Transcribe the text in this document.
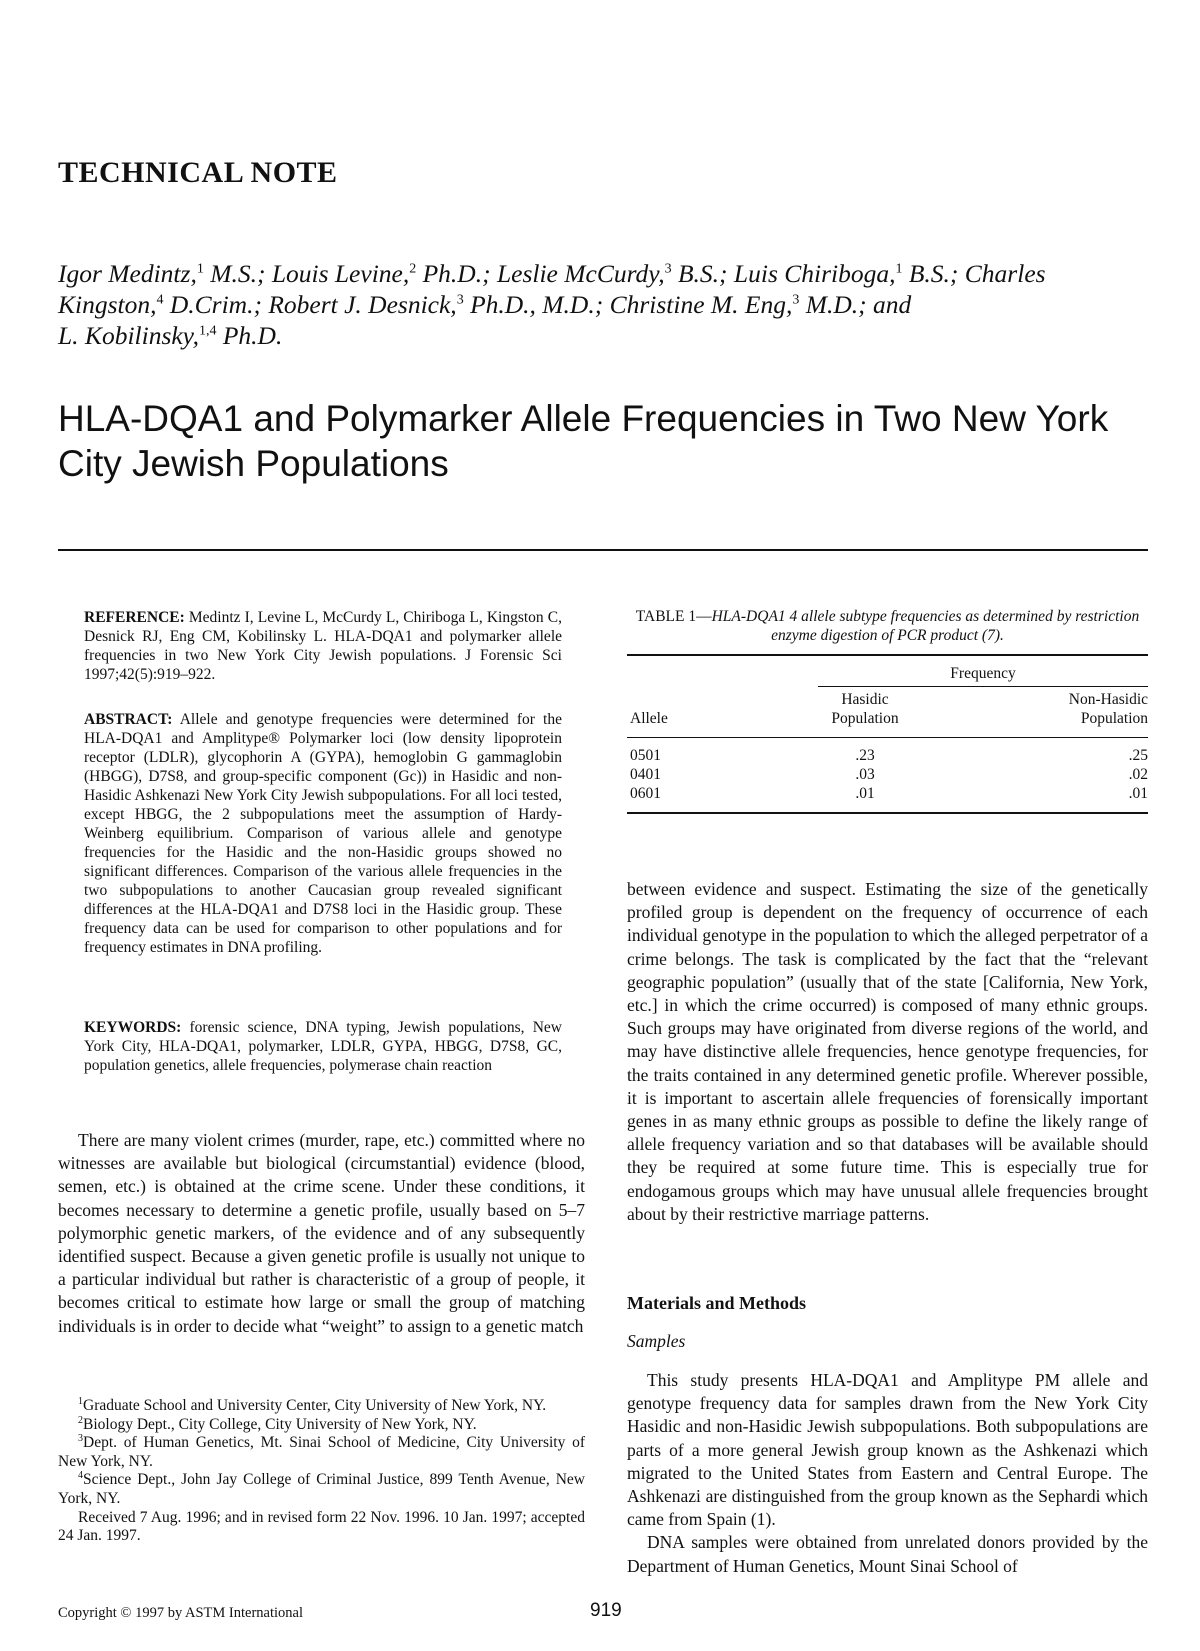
TECHNICAL NOTE
Igor Medintz,$^1$ M.S.; Louis Levine,$^2$ Ph.D.; Leslie McCurdy,$^3$ B.S.; Luis Chiriboga,$^1$ B.S.; Charles Kingston,$^4$ D.Crim.; Robert J. Desnick,$^3$ Ph.D., M.D.; Christine M. Eng,$^3$ M.D.; and
L. Kobilinsky,$^{1,4}$ Ph.D.
HLA-DQA1 and Polymarker Allele Frequencies in Two New York City Jewish Populations
REFERENCE: Medintz I, Levine L, McCurdy L, Chiriboga L, Kingston C, Desnick RJ, Eng CM, Kobilinsky L. HLA-DQA1 and polymarker allele frequencies in two New York City Jewish populations. J Forensic Sci 1997;42(5):919–922.
ABSTRACT: Allele and genotype frequencies were determined for the HLA-DQA1 and Amplitype® Polymarker loci (low density lipoprotein receptor (LDLR), glycophorin A (GYPA), hemoglobin G gammaglobin (HBGG), D7S8, and group-specific component (Gc)) in Hasidic and non-Hasidic Ashkenazi New York City Jewish subpopulations. For all loci tested, except HBGG, the 2 subpopulations meet the assumption of Hardy-Weinberg equilibrium. Comparison of various allele and genotype frequencies for the Hasidic and the non-Hasidic groups showed no significant differences. Comparison of the various allele frequencies in the two subpopulations to another Caucasian group revealed significant differences at the HLA-DQA1 and D7S8 loci in the Hasidic group. These frequency data can be used for comparison to other populations and for frequency estimates in DNA profiling.
KEYWORDS: forensic science, DNA typing, Jewish populations, New York City, HLA-DQA1, polymarker, LDLR, GYPA, HBGG, D7S8, GC, population genetics, allele frequencies, polymerase chain reaction
There are many violent crimes (murder, rape, etc.) committed where no witnesses are available but biological (circumstantial) evidence (blood, semen, etc.) is obtained at the crime scene. Under these conditions, it becomes necessary to determine a genetic profile, usually based on 5–7 polymorphic genetic markers, of the evidence and of any subsequently identified suspect. Because a given genetic profile is usually not unique to a particular individual but rather is characteristic of a group of people, it becomes critical to estimate how large or small the group of matching individuals is in order to decide what “weight” to assign to a genetic match

$^1$Graduate School and University Center, City University of New York, NY.

$^2$Biology Dept., City College, City University of New York, NY.

$^3$Dept. of Human Genetics, Mt. Sinai School of Medicine, City University of New York, NY.

$^4$Science Dept., John Jay College of Criminal Justice, 899 Tenth Avenue, New York, NY.

Received 7 Aug. 1996; and in revised form 22 Nov. 1996. 10 Jan. 1997; accepted 24 Jan. 1997.

Copyright © 1997 by ASTM International	919
TABLE 1—HLA-DQA1 4 allele subtype frequencies as determined by restriction enzyme digestion of PCR product (7).
Frequency
Allele
Hasidic
Population
Non-Hasidic
Population
0501	.23	.25
0401	.03	.02
0601	.01	.01
between evidence and suspect. Estimating the size of the genetically profiled group is dependent on the frequency of occurrence of each individual genotype in the population to which the alleged perpetrator of a crime belongs. The task is complicated by the fact that the “relevant geographic population” (usually that of the state [California, New York, etc.] in which the crime occurred) is composed of many ethnic groups. Such groups may have originated from diverse regions of the world, and may have distinctive allele frequencies, hence genotype frequencies, for the traits contained in any determined genetic profile. Wherever possible, it is important to ascertain allele frequencies of forensically important genes in as many ethnic groups as possible to define the likely range of allele frequency variation and so that databases will be available should they be required at some future time. This is especially true for endogamous groups which may have unusual allele frequencies brought about by their restrictive marriage patterns.
Materials and Methods
Samples

This study presents HLA-DQA1 and Amplitype PM allele and genotype frequency data for samples drawn from the New York City Hasidic and non-Hasidic Jewish subpopulations. Both subpopulations are parts of a more general Jewish group known as the Ashkenazi which migrated to the United States from Eastern and Central Europe. The Ashkenazi are distinguished from the group known as the Sephardi which came from Spain (1).

DNA samples were obtained from unrelated donors provided by the Department of Human Genetics, Mount Sinai School of
